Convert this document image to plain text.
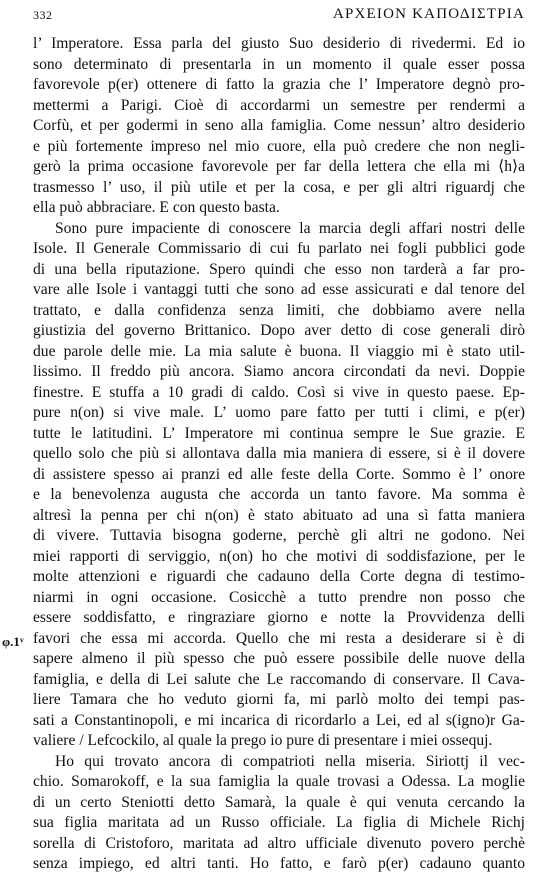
332	ΑΡΧΕΙΟΝ ΚΑΠΟΔΙΣΤΡΙΑ
φ.1ᵛ
l’ Imperatore. Essa parla del giusto Suo desiderio di rivedermi. Ed io
sono determinato di presentarla in un momento il quale esser possa
favorevole p(er) ottenere di fatto la grazia che l’ Imperatore degnò pro-
mettermi a Parigi. Cioè di accordarmi un semestre per rendermi a
Corfù, et per godermi in seno alla famiglia. Come nessun’ altro desiderio
e più fortemente impreso nel mio cuore, ella può credere che non negli-
gerò la prima occasione favorevole per far della lettera che ella mi ⟨h⟩a
trasmesso l’ uso, il più utile et per la cosa, e per gli altri riguardj che
ella può abbraciare. E con questo basta.
Sono pure impaciente di conoscere la marcia degli affari nostri delle
Isole. Il Generale Commissario di cui fu parlato nei fogli pubblici gode
di una bella riputazione. Spero quindi che esso non tarderà a far pro-
vare alle Isole i vantaggi tutti che sono ad esse assicurati e dal tenore del
trattato, e dalla confidenza senza limiti, che dobbiamo avere nella
giustizia del governo Brittanico. Dopo aver detto di cose generali dirò
due parole delle mie. La mia salute è buona. Il viaggio mi è stato util-
lissimo. Il freddo più ancora. Siamo ancora circondati da nevi. Doppie
finestre. E stuffa a 10 gradi di caldo. Così si vive in questo paese. Ep-
pure n(on) si vive male. L’ uomo pare fatto per tutti i climi, e p(er)
tutte le latitudini. L’ Imperatore mi continua sempre le Sue grazie. E
quello solo che più si allontava dalla mia maniera di essere, si è il dovere
di assistere spesso ai pranzi ed alle feste della Corte. Sommo è l’ onore
e la benevolenza augusta che accorda un tanto favore. Ma somma è
altresì la penna per chi n(on) è stato abituato ad una sì fatta maniera
di vivere. Tuttavia bisogna goderne, perchè gli altri ne godono. Nei
miei rapporti di serviggio, n(on) ho che motivi di soddisfazione, per le
molte attenzioni e riguardi che cadauno della Corte degna di testimo-
niarmi in ogni occasione. Cosicchè a tutto prendre non posso che
essere soddisfatto, e ringraziare giorno e notte la Provvidenza delli
favori che essa mi accorda. Quello che mi resta a desiderare si è di
sapere almeno il più spesso che può essere possibile delle nuove della
famiglia, e della di Lei salute che Le raccomando di conservare. Il Cava-
liere Tamara che ho veduto giorni fa, mi parlò molto dei tempi pas-
sati a Constantinopoli, e mi incarica di ricordarlo a Lei, ed al s(igno)r Ga-
valiere / Lefcockilo, al quale la prego io pure di presentare i miei ossequj.
Ho qui trovato ancora di compatrioti nella miseria. Siriottj il vec-
chio. Somarokoff, e la sua famiglia la quale trovasi a Odessa. La moglie
di un certo Steniotti detto Samarà, la quale è qui venuta cercando la
sua figlia maritata ad un Russo officiale. La figlia di Michele Richj
sorella di Cristoforo, maritata ad altro ufficiale divenuto povero perchè
senza impiego, ed altri tanti. Ho fatto, e farò p(er) cadauno quanto
